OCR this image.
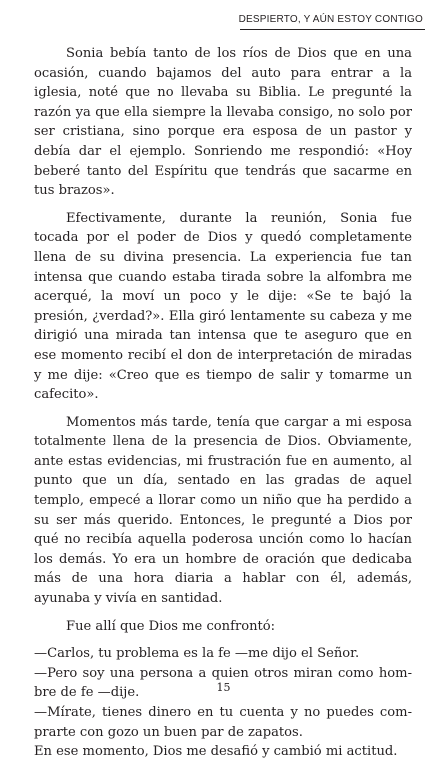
DESPIERTO, Y AÚN ESTOY CONTIGO

Sonia bebía tanto de los ríos de Dios que en una ocasión, cuando bajamos del auto para entrar a la iglesia, noté que no llevaba su Biblia. Le pregunté la razón ya que ella siempre la llevaba consigo, no solo por ser cristiana, sino porque era esposa de un pastor y debía dar el ejemplo. Sonriendo me respondió: «Hoy beberé tanto del Espíritu que tendrás que sacarme en tus brazos».

Efectivamente, durante la reunión, Sonia fue tocada por el poder de Dios y quedó completamente llena de su divina presencia. La experiencia fue tan intensa que cuando estaba tirada sobre la alfombra me acerqué, la moví un poco y le dije: «Se te bajó la presión, ¿verdad?». Ella giró lentamente su cabeza y me dirigió una mirada tan intensa que te aseguro que en ese momento recibí el don de interpretación de miradas y me dije: «Creo que es tiempo de salir y tomarme un cafecito».

Momentos más tarde, tenía que cargar a mi esposa totalmente llena de la presencia de Dios. Obviamente, ante estas evidencias, mi frustración fue en aumento, al punto que un día, sentado en las gradas de aquel templo, empecé a llorar como un niño que ha perdido a su ser más querido. Entonces, le pregunté a Dios por qué no recibía aquella poderosa unción como lo hacían los demás. Yo era un hombre de oración que dedicaba más de una hora diaria a hablar con él, además, ayunaba y vivía en santidad.

Fue allí que Dios me confrontó:

—Carlos, tu problema es la fe —me dijo el Señor.

—Pero soy una persona a quien otros miran como hombre de fe —dije.

—Mírate, tienes dinero en tu cuenta y no puedes comprarte con gozo un buen par de zapatos.

En ese momento, Dios me desafió y cambió mi actitud.

15
